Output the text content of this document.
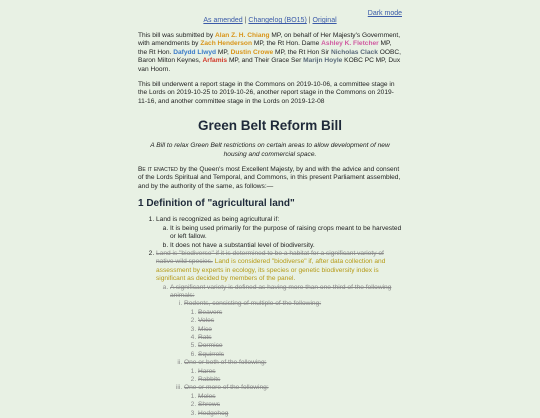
Dark mode
As amended | Changelog (BO15) | Original

This bill was submitted by Alan Z. H. Chiang MP, on behalf of Her Majesty's Government, with amendments by Zach Henderson MP, the Rt Hon. Dame Ashley K. Fletcher MP, the Rt Hon. Dafydd Llwyd MP, Dustin Crowe MP, the Rt Hon Sir Nicholas Clack OOBC, Baron Milton Keynes, Arfamis MP, and Their Grace Ser Marijn Hoyle KOBC PC MP, Dux van Hoorn.

This bill underwent a report stage in the Commons on 2019-10-06, a committee stage in the Lords on 2019-10-25 to 2019-10-26, another report stage in the Commons on 2019-11-16, and another committee stage in the Lords on 2019-12-08

Green Belt Reform Bill

A Bill to relax Green Belt restrictions on certain areas to allow development of new housing and commercial space.

Be it enacted by the Queen's most Excellent Majesty, by and with the advice and consent of the Lords Spiritual and Temporal, and Commons, in this present Parliament assembled, and by the authority of the same, as follows:—

1 Definition of "agricultural land"
1. Land is recognized as being agricultural if:
a. It is being used primarily for the purpose of raising crops meant to be harvested or left fallow.
b. It does not have a substantial level of biodiversity.
2. Land is "biodiverse" if it is determined to be a habitat for a significant variety of native wild species. Land is considered "biodiverse" if, after data collection and assessment by experts in ecology, its species or genetic biodiversity index is significant as decided by members of the panel.
a. A significant variety is defined as having more than one third of the following animals:
i. Rodents, consisting of multiple of the following:
1. Beavers
2. Voles
3. Mice
4. Rats
5. Dormice
6. Squirrels
ii. One or both of the following:
1. Hares
2. Rabbits
iii. One or more of the following:
1. Moles
2. Shrews
3. Hedgehog
